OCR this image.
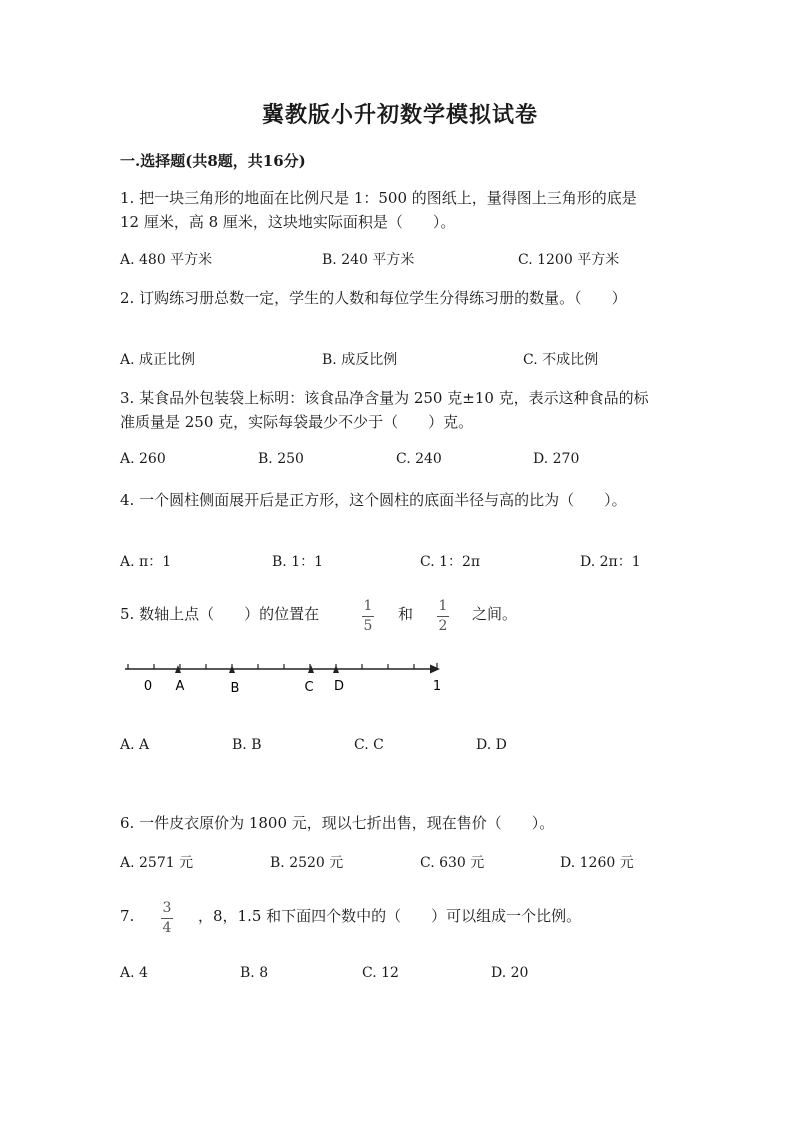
冀教版小升初数学模拟试卷
一.选择题(共8题，共16分)
1. 把一块三角形的地面在比例尺是 1：500 的图纸上，量得图上三角形的底是
12 厘米，高 8 厘米，这块地实际面积是（　　）。
A. 480 平方米	B. 240 平方米	C. 1200 平方米
2. 订购练习册总数一定，学生的人数和每位学生分得练习册的数量。（　　）
A. 成正比例	B. 成反比例	C. 不成比例
3. 某食品外包装袋上标明：该食品净含量为 250 克±10 克，表示这种食品的标
准质量是 250 克，实际每袋最少不少于（　　）克。
A. 260	B. 250	C. 240	D. 270
4. 一个圆柱侧面展开后是正方形，这个圆柱的底面半径与高的比为（　　）。
A. π：1	B. 1：1	C. 1：2π	D. 2π：1
5. 数轴上点（　　）的位置在	1
5
和 1
2
之间。
0 A	B	C D	1
A. A	B. B	C. C	D. D
6. 一件皮衣原价为 1800 元，现以七折出售，现在售价（　　）。
A. 2571 元	B. 2520 元	C. 630 元	D. 1260 元
7. 3
4
，8，1.5 和下面四个数中的（　　）可以组成一个比例。
A. 4	B. 8	C. 12	D. 20
